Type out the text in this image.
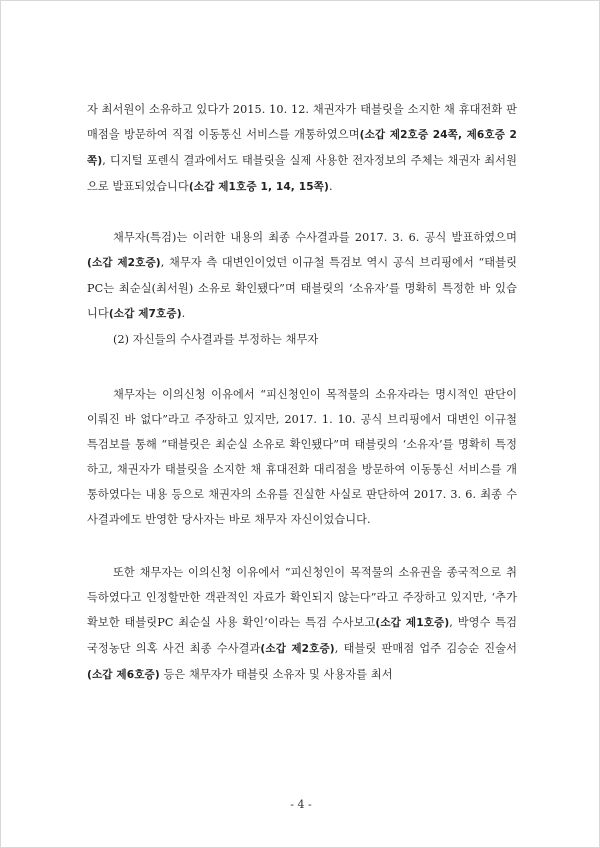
자 최서원이 소유하고 있다가 2015. 10. 12. 채권자가 태블릿을 소지한 채 휴대전화 판매점을 방문하여 직접 이동통신 서비스를 개통하였으며(소갑 제2호증 24쪽, 제6호증 2쪽), 디지털 포렌식 결과에서도 태블릿을 실제 사용한 전자정보의 주체는 채권자 최서원으로 발표되었습니다(소갑 제1호증 1, 14, 15쪽).

채무자(특검)는 이러한 내용의 최종 수사결과를 2017. 3. 6. 공식 발표하였으며(소갑 제2호증), 채무자 측 대변인이었던 이규철 특검보 역시 공식 브리핑에서 “태블릿PC는 최순실(최서원) 소유로 확인됐다”며 태블릿의 ‘소유자’를 명확히 특정한 바 있습니다(소갑 제7호증).

(2) 자신들의 수사결과를 부정하는 채무자

채무자는 이의신청 이유에서 “피신청인이 목적물의 소유자라는 명시적인 판단이 이뤄진 바 없다”라고 주장하고 있지만, 2017. 1. 10. 공식 브리핑에서 대변인 이규철 특검보를 통해 “태블릿은 최순실 소유로 확인됐다”며 태블릿의 ‘소유자’를 명확히 특정하고, 채권자가 태블릿을 소지한 채 휴대전화 대리점을 방문하여 이동통신 서비스를 개통하였다는 내용 등으로 채권자의 소유를 진실한 사실로 판단하여 2017. 3. 6. 최종 수사결과에도 반영한 당사자는 바로 채무자 자신이었습니다.

또한 채무자는 이의신청 이유에서 “피신청인이 목적물의 소유권을 종국적으로 취득하였다고 인정할만한 객관적인 자료가 확인되지 않는다”라고 주장하고 있지만, ‘추가 확보한 태블릿PC 최순실 사용 확인’이라는 특검 수사보고(소갑 제1호증), 박영수 특검 국정농단 의혹 사건 최종 수사결과(소갑 제2호증), 태블릿 판매점 업주 김승순 진술서(소갑 제6호증) 등은 채무자가 태블릿 소유자 및 사용자를 최서

- 4 -
